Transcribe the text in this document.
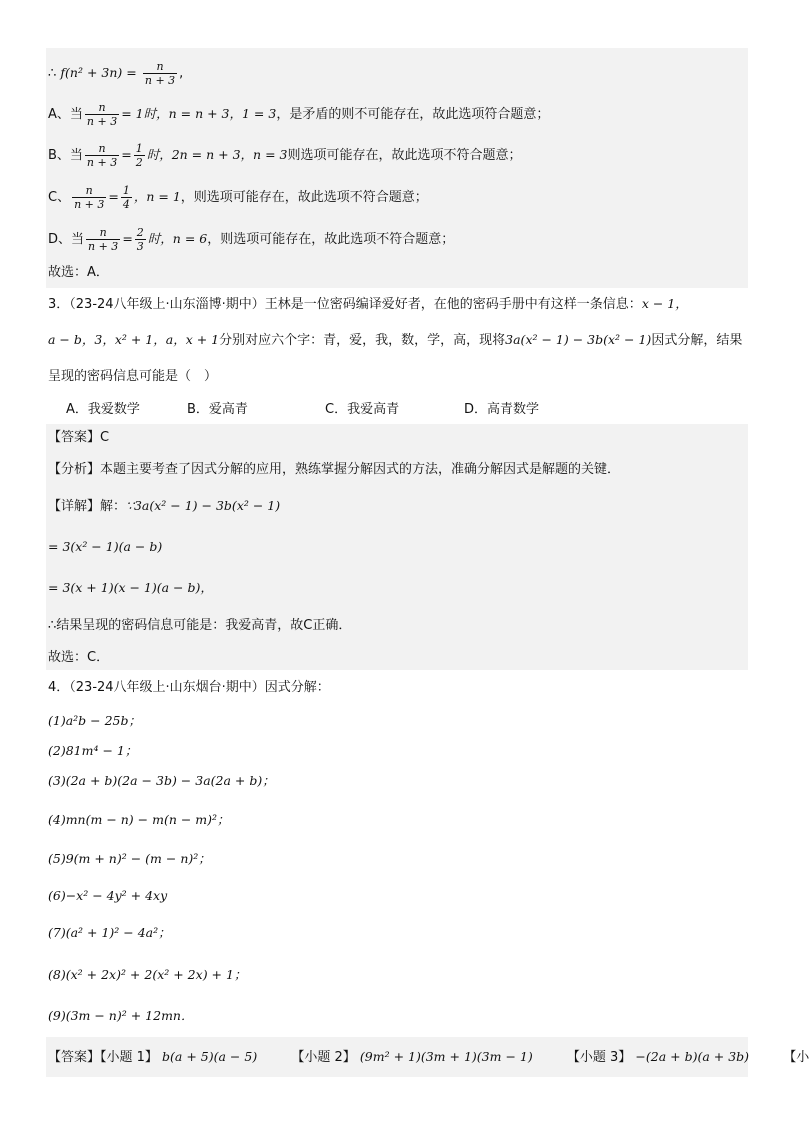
∴ $f(n^2 + 3n) = \frac{n}{n + 3}$ ,
A、当 $\frac{n}{n + 3} = 1$时，n = n + 3，1 = 3，是矛盾的则不可能存在，故此选项符合题意；
B、当 $\frac{n}{n + 3} = \frac{1}{2}$ 时，2n = n + 3，n = 3则选项可能存在，故此选项不符合题意；
C、 $\frac{n}{n + 3} = \frac{1}{4}$ ，n = 1，则选项可能存在，故此选项不符合题意；
D、当 $\frac{n}{n + 3} = \frac{2}{3}$ 时，n = 6，则选项可能存在，故此选项不符合题意；
故选：A．
3．（23-24八年级上·山东淄博·期中）王林是一位密码编译爱好者，在他的密码手册中有这样一条信息：x − 1，
a − b，3，x² + 1，a，x + 1分别对应六个字：青，爱，我，数，学，高，现将3a(x² − 1) − 3b(x² − 1)因式分解，结果
呈现的密码信息可能是（　）
A．我爱数学	B．爱高青	C．我爱高青	D．高青数学
【答案】C
【分析】本题主要考查了因式分解的应用，熟练掌握分解因式的方法，准确分解因式是解题的关键．
【详解】解：∵3a(x² − 1) − 3b(x² − 1)
= 3(x² − 1)(a − b)
= 3(x + 1)(x − 1)(a − b)，
∴结果呈现的密码信息可能是：我爱高青，故C正确．
故选：C．
4．（23-24八年级上·山东烟台·期中）因式分解：
(1)a²b − 25b；
(2)81m⁴ − 1；
(3)(2a + b)(2a − 3b) − 3a(2a + b)；
(4)mn(m − n) − m(n − m)²；
(5)9(m + n)² − (m − n)²；
(6)−x² − 4y² + 4xy
(7)(a² + 1)² − 4a²；
(8)(x² + 2x)² + 2(x² + 2x) + 1；
(9)(3m − n)² + 12mn．
【答案】【小题 1】 b(a + 5)(a − 5)	【小题 2】 (9m² + 1)(3m + 1)(3m − 1)	【小题 3】 −(2a + b)(a + 3b)	【小
